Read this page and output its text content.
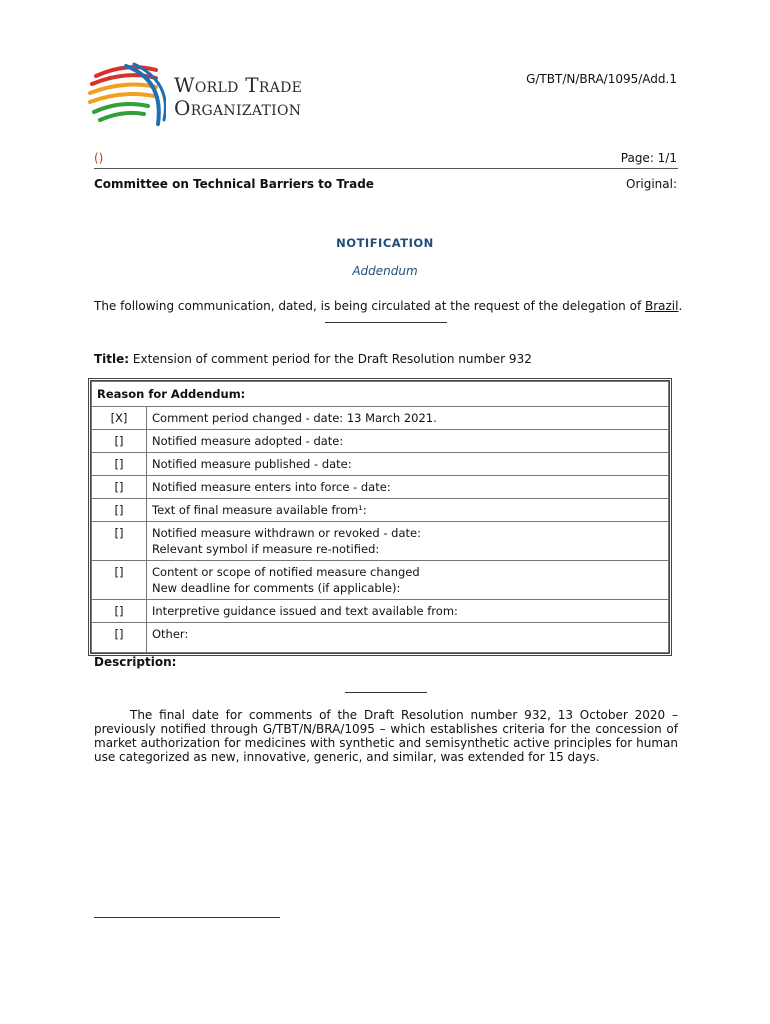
World Trade
Organization
G/TBT/N/BRA/1095/Add.1
()	Page: 1/1
Committee on Technical Barriers to Trade	Original:
NOTIFICATION
Addendum
The following communication, dated, is being circulated at the request of the delegation of Brazil.
Title: Extension of comment period for the Draft Resolution number 932
Reason for Addendum:	
[X]	Comment period changed - date: 13 March 2021.
[]	Notified measure adopted - date:
[]	Notified measure published - date:
[]	Notified measure enters into force - date:
[]	Text of final measure available from¹:
[]	Notified measure withdrawn or revoked - date:
Relevant symbol if measure re-notified:

[]	Content or scope of notified measure changed
New deadline for comments (if applicable):

[]	Interpretive guidance issued and text available from:
[]	Other:
Description:
The final date for comments of the Draft Resolution number 932, 13 October 2020 – previously notified through G/TBT/N/BRA/1095 – which establishes criteria for the concession of market authorization for medicines with synthetic and semisynthetic active principles for human use categorized as new, innovative, generic, and similar, was extended for 15 days.
